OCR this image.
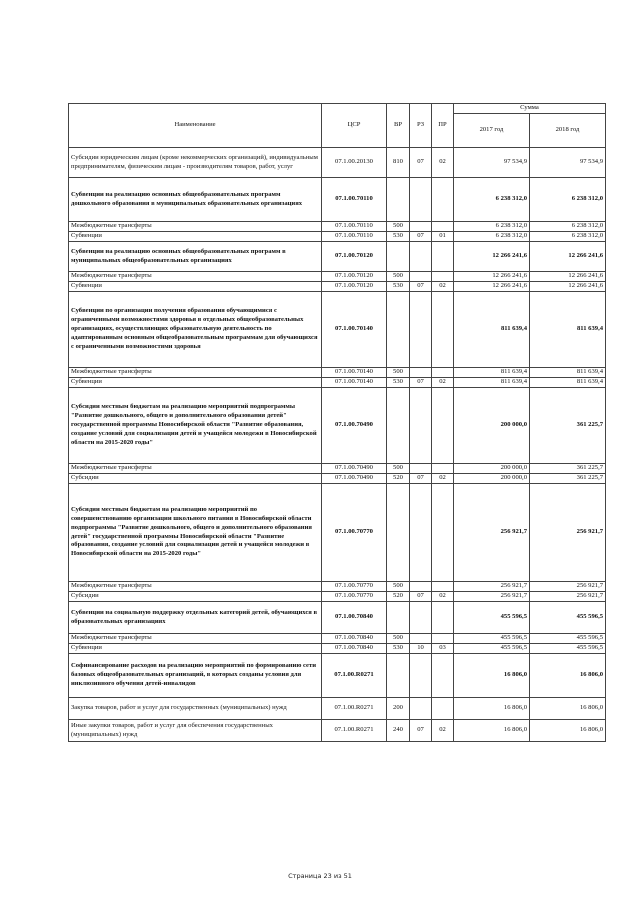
Наименование	ЦСР	ВР	РЗ	ПР	Сумма	
					2017 год	2018 год
Субсидии юридическим лицам (кроме некоммерческих организаций), индивидуальным предпринимателям, физическим лицам - производителям товаров, работ, услуг	07.1.00.20130	810	07	02	97 534,9	97 534,9
Субвенции на реализацию основных общеобразовательных программ дошкольного образования в муниципальных образовательных организациях	07.1.00.70110				6 238 312,0	6 238 312,0
Межбюджетные трансферты	07.1.00.70110	500			6 238 312,0	6 238 312,0
Субвенции	07.1.00.70110	530	07	01	6 238 312,0	6 238 312,0
Субвенции на реализацию основных общеобразовательных программ в муниципальных общеобразовательных организациях	07.1.00.70120				12 266 241,6	12 266 241,6
Межбюджетные трансферты	07.1.00.70120	500			12 266 241,6	12 266 241,6
Субвенции	07.1.00.70120	530	07	02	12 266 241,6	12 266 241,6
Субвенции по организации получения образования обучающимися с ограниченными возможностями здоровья в отдельных общеобразовательных организациях, осуществляющих образовательную деятельность по адаптированным основным общеобразовательным программам для обучающихся с ограниченными возможностями здоровья	07.1.00.70140				811 639,4	811 639,4
Межбюджетные трансферты	07.1.00.70140	500			811 639,4	811 639,4
Субвенции	07.1.00.70140	530	07	02	811 639,4	811 639,4
Субсидии местным бюджетам на реализацию мероприятий подпрограммы "Развитие дошкольного, общего и дополнительного образования детей" государственной программы Новосибирской области "Развитие образования, создание условий для социализации детей и учащейся молодежи в Новосибирской области на 2015-2020 годы"	07.1.00.70490				200 000,0	361 225,7
Межбюджетные трансферты	07.1.00.70490	500			200 000,0	361 225,7
Субсидии	07.1.00.70490	520	07	02	200 000,0	361 225,7
Субсидии местным бюджетам на реализацию мероприятий по совершенствованию организации школьного питания в Новосибирской области подпрограммы "Развитие дошкольного, общего и дополнительного образования детей" государственной программы Новосибирской области "Развитие образования, создание условий для социализации детей и учащейся молодежи в Новосибирской области на 2015-2020 годы"	07.1.00.70770				256 921,7	256 921,7
Межбюджетные трансферты	07.1.00.70770	500			256 921,7	256 921,7
Субсидии	07.1.00.70770	520	07	02	256 921,7	256 921,7
Субвенции на социальную поддержку отдельных категорий детей, обучающихся в образовательных организациях	07.1.00.70840				455 596,5	455 596,5
Межбюджетные трансферты	07.1.00.70840	500			455 596,5	455 596,5
Субвенции	07.1.00.70840	530	10	03	455 596,5	455 596,5
Софинансирование расходов на реализацию мероприятий по формированию сети базовых общеобразовательных организаций, в которых созданы условия для инклюзивного обучения детей-инвалидов	07.1.00.R0271				16 806,0	16 806,0
Закупка товаров, работ и услуг для государственных (муниципальных) нужд	07.1.00.R0271	200			16 806,0	16 806,0
Иные закупки товаров, работ и услуг для обеспечения государственных (муниципальных) нужд	07.1.00.R0271	240	07	02	16 806,0	16 806,0
Страница 23 из 51
